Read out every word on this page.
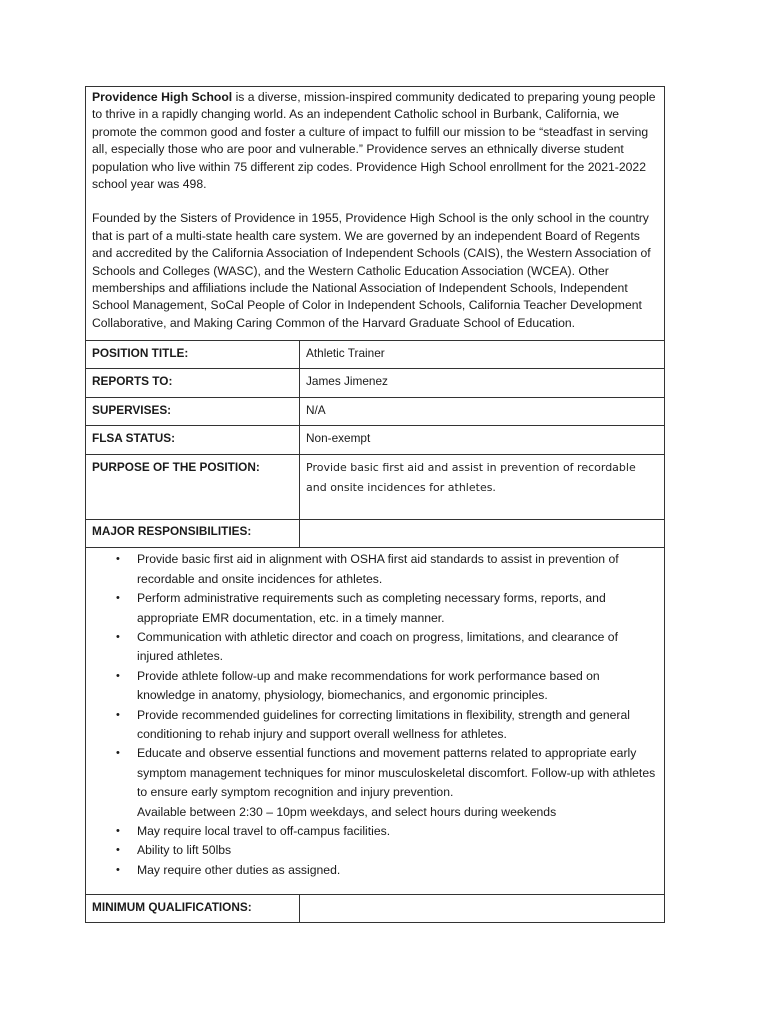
Providence High School is a diverse, mission-inspired community dedicated to preparing young people to thrive in a rapidly changing world. As an independent Catholic school in Burbank, California, we promote the common good and foster a culture of impact to fulfill our mission to be “steadfast in serving all, especially those who are poor and vulnerable.” Providence serves an ethnically diverse student population who live within 75 different zip codes. Providence High School enrollment for the 2021-2022 school year was 498.

Founded by the Sisters of Providence in 1955, Providence High School is the only school in the country that is part of a multi-state health care system. We are governed by an independent Board of Regents and accredited by the California Association of Independent Schools (CAIS), the Western Association of Schools and Colleges (WASC), and the Western Catholic Education Association (WCEA). Other memberships and affiliations include the National Association of Independent Schools, Independent School Management, SoCal People of Color in Independent Schools, California Teacher Development Collaborative, and Making Caring Common of the Harvard Graduate School of Education.

POSITION TITLE:	Athletic Trainer
REPORTS TO:	James Jimenez
SUPERVISES:	N/A
FLSA STATUS:	Non-exempt
PURPOSE OF THE POSITION:	Provide basic first aid and assist in prevention of recordable and onsite incidences for athletes.
MAJOR RESPONSIBILITIES:
• Provide basic first aid in alignment with OSHA first aid standards to assist in prevention of recordable and onsite incidences for athletes.
• Perform administrative requirements such as completing necessary forms, reports, and appropriate EMR documentation, etc. in a timely manner.
• Communication with athletic director and coach on progress, limitations, and clearance of injured athletes.
• Provide athlete follow-up and make recommendations for work performance based on knowledge in anatomy, physiology, biomechanics, and ergonomic principles.
• Provide recommended guidelines for correcting limitations in flexibility, strength and general conditioning to rehab injury and support overall wellness for athletes.
• Educate and observe essential functions and movement patterns related to appropriate early symptom management techniques for minor musculoskeletal discomfort. Follow-up with athletes to ensure early symptom recognition and injury prevention.
Available between 2:30 – 10pm weekdays, and select hours during weekends
• May require local travel to off-campus facilities.
• Ability to lift 50lbs
• May require other duties as assigned.
MINIMUM QUALIFICATIONS:
